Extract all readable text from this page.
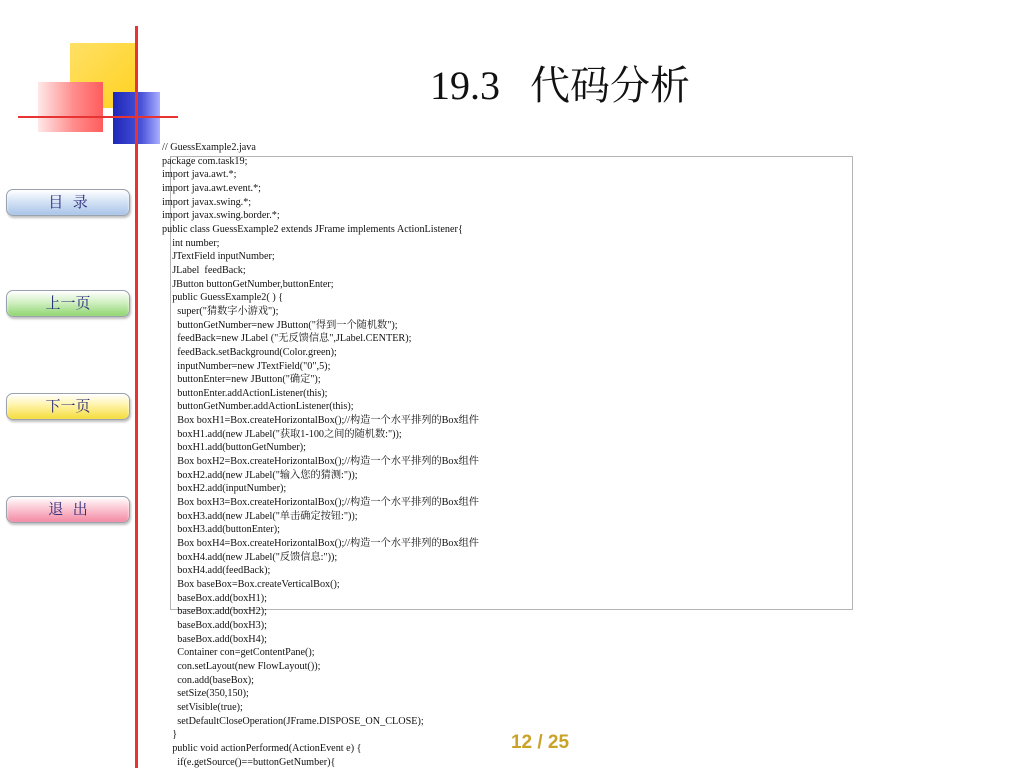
19.3   代码分析
目  录
上一页
下一页
退  出
// GuessExample2.java
package com.task19;
import java.awt.*;
import java.awt.event.*;
import javax.swing.*;
import javax.swing.border.*;
public class GuessExample2 extends JFrame implements ActionListener{
int number;
JTextField inputNumber;
JLabel  feedBack;
JButton buttonGetNumber,buttonEnter;
public GuessExample2( ) {
super("猜数字小游戏");
buttonGetNumber=new JButton("得到一个随机数");
feedBack=new JLabel ("无反馈信息",JLabel.CENTER);
feedBack.setBackground(Color.green);
inputNumber=new JTextField("0",5);
buttonEnter=new JButton("确定");
buttonEnter.addActionListener(this);
buttonGetNumber.addActionListener(this);
Box boxH1=Box.createHorizontalBox();//构造一个水平排列的Box组件
boxH1.add(new JLabel("获取1-100之间的随机数:"));
boxH1.add(buttonGetNumber);
Box boxH2=Box.createHorizontalBox();//构造一个水平排列的Box组件
boxH2.add(new JLabel("输入您的猜测:"));
boxH2.add(inputNumber);
Box boxH3=Box.createHorizontalBox();//构造一个水平排列的Box组件
boxH3.add(new JLabel("单击确定按钮:"));
boxH3.add(buttonEnter);
Box boxH4=Box.createHorizontalBox();//构造一个水平排列的Box组件
boxH4.add(new JLabel("反馈信息:"));
boxH4.add(feedBack);
Box baseBox=Box.createVerticalBox();
baseBox.add(boxH1);
baseBox.add(boxH2);
baseBox.add(boxH3);
baseBox.add(boxH4);
Container con=getContentPane();
con.setLayout(new FlowLayout());
con.add(baseBox);
setSize(350,150);
setVisible(true);
setDefaultCloseOperation(JFrame.DISPOSE_ON_CLOSE);
}
public void actionPerformed(ActionEvent e) {
if(e.getSource()==buttonGetNumber){
12 / 25
